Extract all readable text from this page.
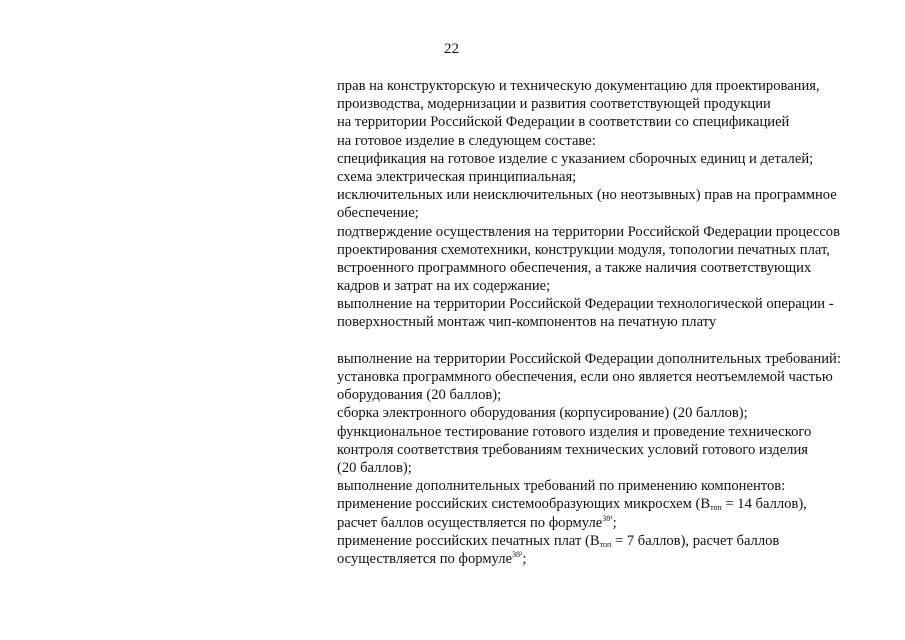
22
прав на конструкторскую и техническую документацию для проектирования,
производства, модернизации и развития соответствующей продукции
на территории Российской Федерации в соответствии со спецификацией
на готовое изделие в следующем составе:
спецификация на готовое изделие с указанием сборочных единиц и деталей;
схема электрическая принципиальная;
исключительных или неисключительных (но неотзывных) прав на программное
обеспечение;
подтверждение осуществления на территории Российской Федерации процессов
проектирования схемотехники, конструкции модуля, топологии печатных плат,
встроенного программного обеспечения, а также наличия соответствующих
кадров и затрат на их содержание;
выполнение на территории Российской Федерации технологической операции -
поверхностный монтаж чип-компонентов на печатную плату
выполнение на территории Российской Федерации дополнительных требований:
установка программного обеспечения, если оно является неотъемлемой частью
оборудования (20 баллов);
сборка электронного оборудования (корпусирование) (20 баллов);
функциональное тестирование готового изделия и проведение технического
контроля соответствия требованиям технических условий готового изделия
(20 баллов);
выполнение дополнительных требований по применению компонентов:
применение российских системообразующих микросхем ($В_{топ} = 14$ баллов),
расчет баллов осуществляется по формуле$^{38^1}$;
применение российских печатных плат ($В_{топ} = 7$ баллов), расчет баллов
осуществляется по формуле$^{38^2}$;
